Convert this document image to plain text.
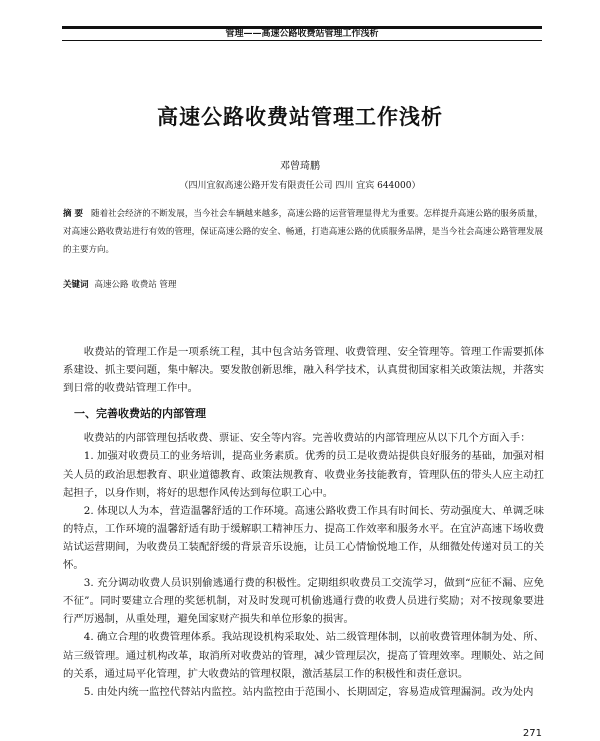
管理——高速公路收费站管理工作浅析
高速公路收费站管理工作浅析
邓曾琦鹏
（四川宜叙高速公路开发有限责任公司 四川 宜宾 644000）
摘 要 随着社会经济的不断发展，当今社会车辆越来越多，高速公路的运营管理显得尤为重要。怎样提升高速公路的服务质量，对高速公路收费站进行有效的管理，保证高速公路的安全、畅通，打造高速公路的优质服务品牌，是当今社会高速公路管理发展的主要方向。
关键词 高速公路 收费站 管理

收费站的管理工作是一项系统工程，其中包含站务管理、收费管理、安全管理等。管理工作需要抓体系建设、抓主要问题，集中解决。要发散创新思维，融入科学技术，认真贯彻国家相关政策法规，并落实到日常的收费站管理工作中。

一、完善收费站的内部管理

收费站的内部管理包括收费、票证、安全等内容。完善收费站的内部管理应从以下几个方面入手：

1. 加强对收费员工的业务培训，提高业务素质。优秀的员工是收费站提供良好服务的基础，加强对相关人员的政治思想教育、职业道德教育、政策法规教育、收费业务技能教育，管理队伍的带头人应主动扛起担子，以身作则，将好的思想作风传达到每位职工心中。

2. 体现以人为本，营造温馨舒适的工作环境。高速公路收费工作具有时间长、劳动强度大、单调乏味的特点，工作环境的温馨舒适有助于缓解职工精神压力、提高工作效率和服务水平。在宜泸高速下场收费站试运营期间，为收费员工装配舒缓的背景音乐设施，让员工心情愉悦地工作，从细微处传递对员工的关怀。

3. 充分调动收费人员识别偷逃通行费的积极性。定期组织收费员工交流学习，做到“应征不漏、应免不征”。同时要建立合理的奖惩机制，对及时发现可机偷逃通行费的收费人员进行奖励；对不按现象要进行严厉遏制，从重处理，避免国家财产损失和单位形象的损害。

4. 确立合理的收费管理体系。我站现设机构采取处、站二级管理体制，以前收费管理体制为处、所、站三级管理。通过机构改革，取消所对收费站的管理，减少管理层次，提高了管理效率。理顺处、站之间的关系，通过局平化管理，扩大收费站的管理权限，激活基层工作的积极性和责任意识。

5. 由处内统一监控代替站内监控。站内监控由于范围小、长期固定，容易造成管理漏洞。改为处内

271
